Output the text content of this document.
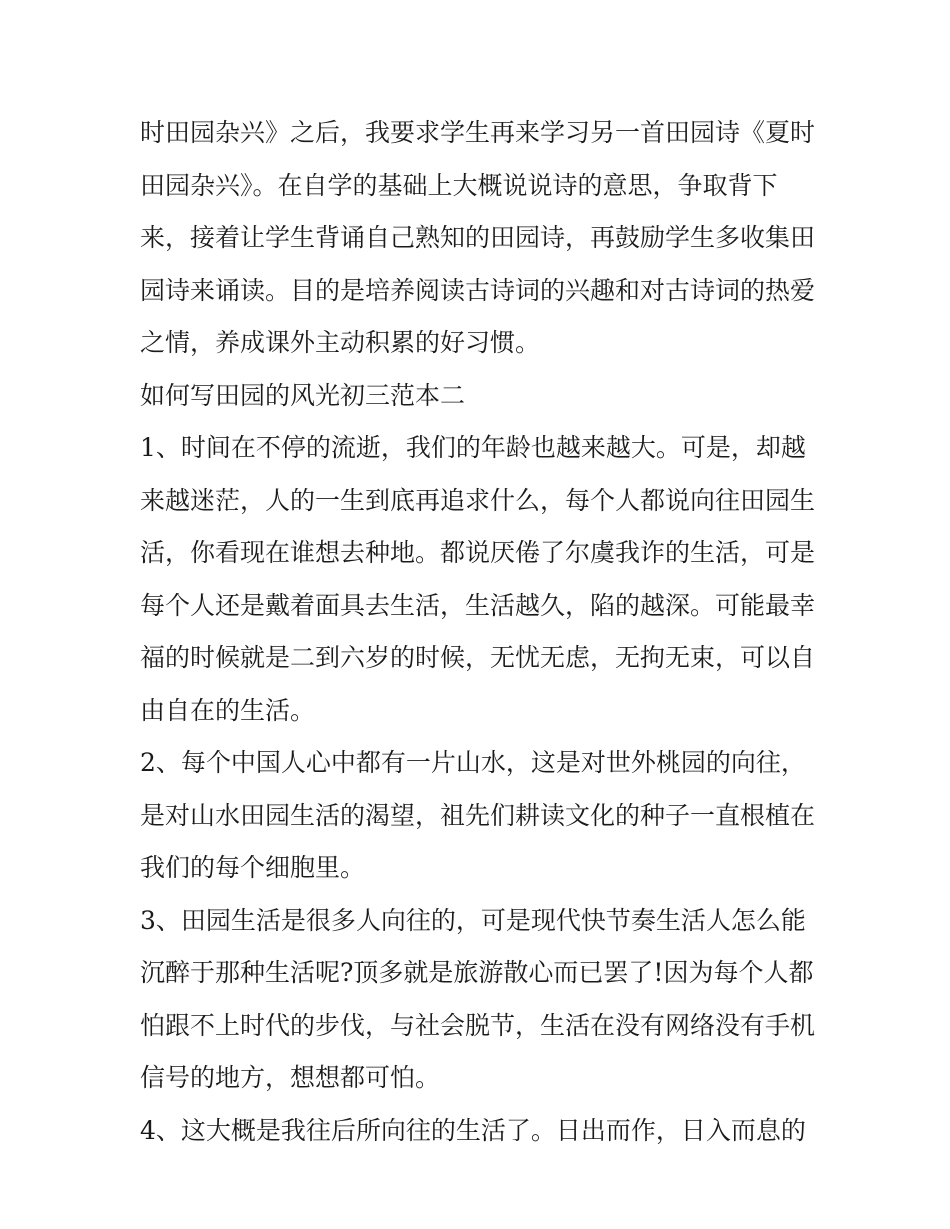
时田园杂兴》之后，我要求学生再来学习另一首田园诗《夏时
田园杂兴》。在自学的基础上大概说说诗的意思，争取背下
来，接着让学生背诵自己熟知的田园诗，再鼓励学生多收集田
园诗来诵读。目的是培养阅读古诗词的兴趣和对古诗词的热爱
之情，养成课外主动积累的好习惯。
如何写田园的风光初三范本二
1、时间在不停的流逝，我们的年龄也越来越大。可是，却越
来越迷茫，人的一生到底再追求什么，每个人都说向往田园生
活，你看现在谁想去种地。都说厌倦了尔虞我诈的生活，可是
每个人还是戴着面具去生活，生活越久，陷的越深。可能最幸
福的时候就是二到六岁的时候，无忧无虑，无拘无束，可以自
由自在的生活。
2、每个中国人心中都有一片山水，这是对世外桃园的向往，
是对山水田园生活的渴望，祖先们耕读文化的种子一直根植在
我们的每个细胞里。
3、田园生活是很多人向往的，可是现代快节奏生活人怎么能
沉醉于那种生活呢?顶多就是旅游散心而已罢了!因为每个人都
怕跟不上时代的步伐，与社会脱节，生活在没有网络没有手机
信号的地方，想想都可怕。
4、这大概是我往后所向往的生活了。日出而作，日入而息的
